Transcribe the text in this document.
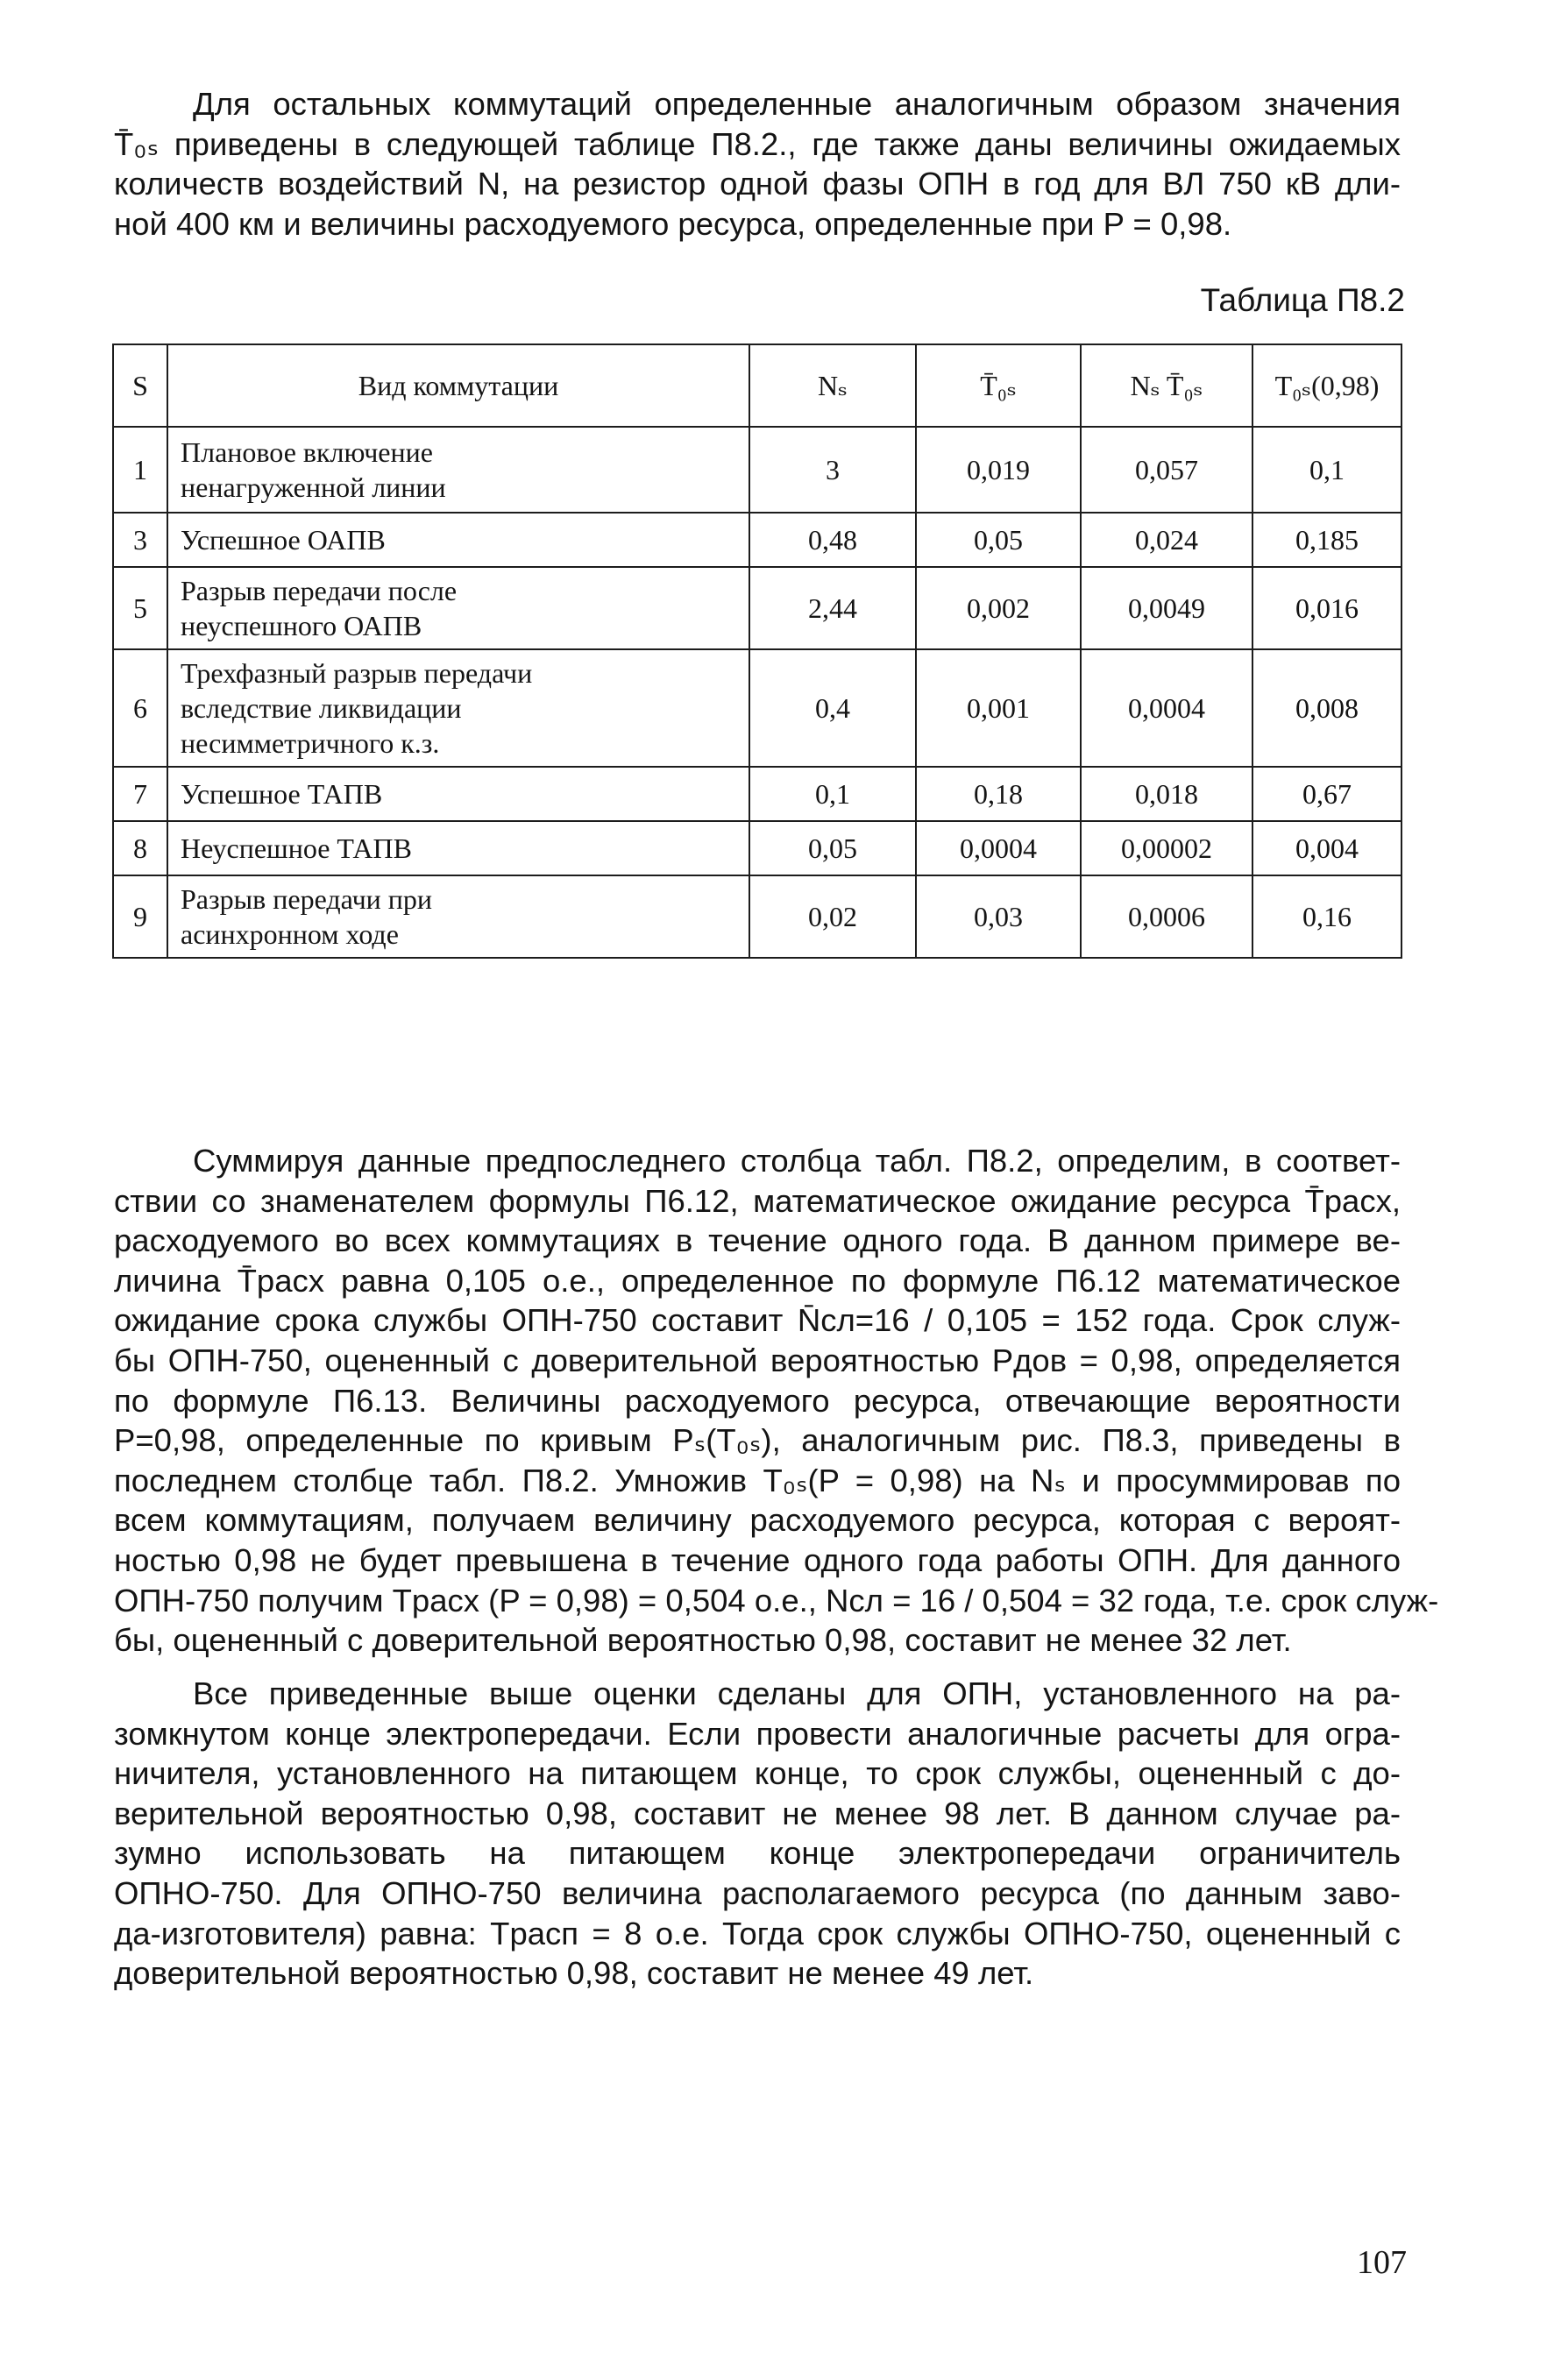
Для остальных коммутаций определенные аналогичным образом значения
T̄₀ₛ приведены в следующей таблице П8.2., где также даны величины ожидаемых
количеств воздействий N, на резистор одной фазы ОПН в год для ВЛ 750 кВ дли-
ной 400 км и величины расходуемого ресурса, определенные при P = 0,98.
Таблица П8.2
S	Вид коммутации	Nₛ	T̄₀ₛ	Nₛ T̄₀ₛ	T₀ₛ(0,98)
1	Плановое включение
ненагруженной линии	3	0,019	0,057	0,1
3	Успешное ОАПВ	0,48	0,05	0,024	0,185
5	Разрыв передачи после
неуспешного ОАПВ	2,44	0,002	0,0049	0,016
6	Трехфазный разрыв передачи
вследствие ликвидации
несимметричного к.з.	0,4	0,001	0,0004	0,008
7	Успешное ТАПВ	0,1	0,18	0,018	0,67
8	Неуспешное ТАПВ	0,05	0,0004	0,00002	0,004
9	Разрыв передачи при
асинхронном ходе	0,02	0,03	0,0006	0,16
Суммируя данные предпоследнего столбца табл. П8.2, определим, в соответ-
ствии со знаменателем формулы П6.12, математическое ожидание ресурса T̄расх,
расходуемого во всех коммутациях в течение одного года. В данном примере ве-
личина T̄расх равна 0,105 о.е., определенное по формуле П6.12 математическое
ожидание срока службы ОПН-750 составит N̄сл=16 / 0,105 = 152 года. Срок служ-
бы ОПН-750, оцененный с доверительной вероятностью Pдов = 0,98, определяется
по формуле П6.13. Величины расходуемого ресурса, отвечающие вероятности
P=0,98, определенные по кривым Pₛ(T₀ₛ), аналогичным рис. П8.3, приведены в
последнем столбце табл. П8.2. Умножив T₀ₛ(P = 0,98) на Nₛ и просуммировав по
всем коммутациям, получаем величину расходуемого ресурса, которая с вероят-
ностью 0,98 не будет превышена в течение одного года работы ОПН. Для данного
ОПН-750 получим Tрасх (P = 0,98) = 0,504 о.е., Nсл = 16 / 0,504 = 32 года, т.е. срок служ-
бы, оцененный с доверительной вероятностью 0,98, составит не менее 32 лет.
Все приведенные выше оценки сделаны для ОПН, установленного на ра-
зомкнутом конце электропередачи. Если провести аналогичные расчеты для огра-
ничителя, установленного на питающем конце, то срок службы, оцененный с до-
верительной вероятностью 0,98, составит не менее 98 лет. В данном случае ра-
зумно использовать на питающем конце электропередачи ограничитель
ОПНО-750. Для ОПНО-750 величина располагаемого ресурса (по данным заво-
да-изготовителя) равна: Tрасп = 8 о.е. Тогда срок службы ОПНО-750, оцененный с
доверительной вероятностью 0,98, составит не менее 49 лет.
107
